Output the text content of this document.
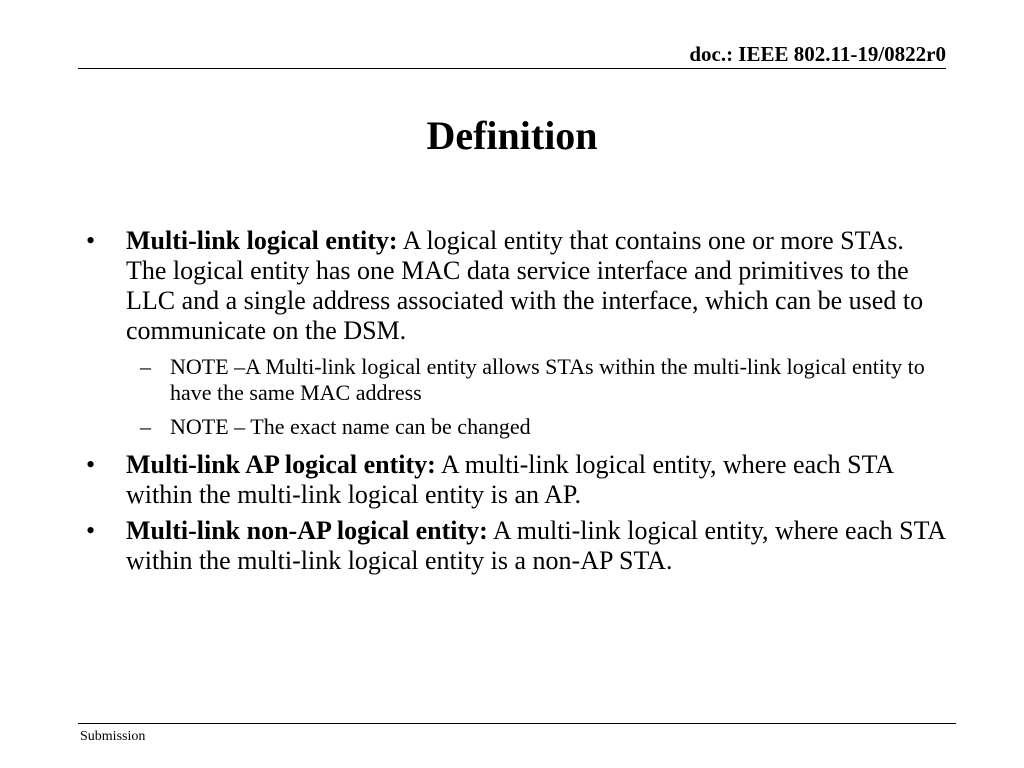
doc.: IEEE 802.11-19/0822r0
Definition
• Multi-link logical entity: A logical entity that contains one or more STAs. The logical entity has one MAC data service interface and primitives to the LLC and a single address associated with the interface, which can be used to communicate on the DSM.
– NOTE –A Multi-link logical entity allows STAs within the multi-link logical entity to have the same MAC address
– NOTE – The exact name can be changed
• Multi-link AP logical entity: A multi-link logical entity, where each STA within the multi-link logical entity is an AP.
• Multi-link non-AP logical entity: A multi-link logical entity, where each STA within the multi-link logical entity is a non-AP STA.
Submission
